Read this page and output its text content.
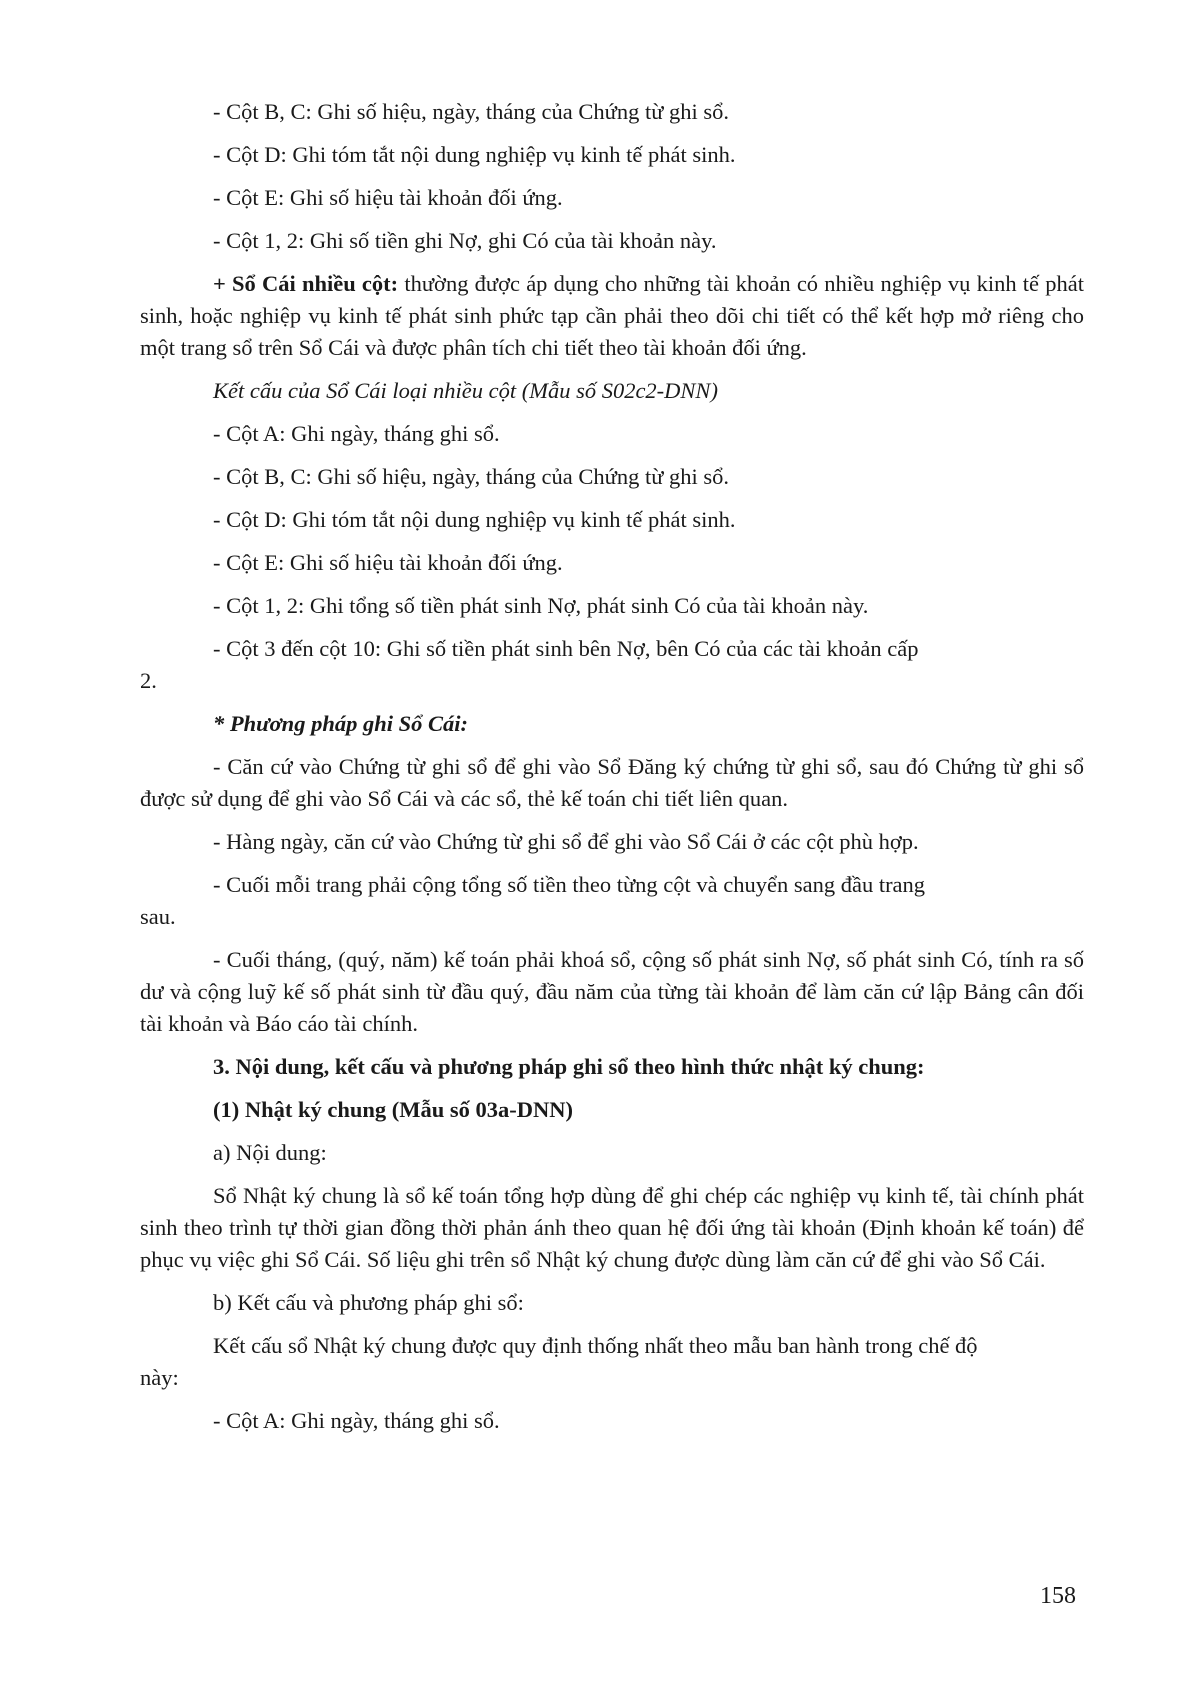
- Cột B, C: Ghi số hiệu, ngày, tháng của Chứng từ ghi sổ.

- Cột D: Ghi tóm tắt nội dung nghiệp vụ kinh tế phát sinh.

- Cột E: Ghi số hiệu tài khoản đối ứng.

- Cột 1, 2: Ghi số tiền ghi Nợ, ghi Có của tài khoản này.

+ Sổ Cái nhiều cột: thường được áp dụng cho những tài khoản có nhiều nghiệp vụ kinh tế phát sinh, hoặc nghiệp vụ kinh tế phát sinh phức tạp cần phải theo dõi chi tiết có thể kết hợp mở riêng cho một trang sổ trên Sổ Cái và được phân tích chi tiết theo tài khoản đối ứng.

Kết cấu của Sổ Cái loại nhiều cột (Mẫu số S02c2-DNN)

- Cột A: Ghi ngày, tháng ghi sổ.

- Cột B, C: Ghi số hiệu, ngày, tháng của Chứng từ ghi sổ.

- Cột D: Ghi tóm tắt nội dung nghiệp vụ kinh tế phát sinh.

- Cột E: Ghi số hiệu tài khoản đối ứng.

- Cột 1, 2: Ghi tổng số tiền phát sinh Nợ, phát sinh Có của tài khoản này.

- Cột 3 đến cột 10: Ghi số tiền phát sinh bên Nợ, bên Có của các tài khoản cấp

2.

* Phương pháp ghi Sổ Cái:

- Căn cứ vào Chứng từ ghi sổ để ghi vào Sổ Đăng ký chứng từ ghi sổ, sau đó Chứng từ ghi sổ được sử dụng để ghi vào Sổ Cái và các sổ, thẻ kế toán chi tiết liên quan.

- Hàng ngày, căn cứ vào Chứng từ ghi sổ để ghi vào Sổ Cái ở các cột phù hợp.

- Cuối mỗi trang phải cộng tổng số tiền theo từng cột và chuyển sang đầu trang

sau.

- Cuối tháng, (quý, năm) kế toán phải khoá sổ, cộng số phát sinh Nợ, số phát sinh Có, tính ra số dư và cộng luỹ kế số phát sinh từ đầu quý, đầu năm của từng tài khoản để làm căn cứ lập Bảng cân đối tài khoản và Báo cáo tài chính.

3. Nội dung, kết cấu và phương pháp ghi sổ theo hình thức nhật ký chung:

(1) Nhật ký chung (Mẫu số 03a-DNN)

a) Nội dung:

Sổ Nhật ký chung là sổ kế toán tổng hợp dùng để ghi chép các nghiệp vụ kinh tế, tài chính phát sinh theo trình tự thời gian đồng thời phản ánh theo quan hệ đối ứng tài khoản (Định khoản kế toán) để phục vụ việc ghi Sổ Cái. Số liệu ghi trên sổ Nhật ký chung được dùng làm căn cứ để ghi vào Sổ Cái.

b) Kết cấu và phương pháp ghi sổ:

Kết cấu sổ Nhật ký chung được quy định thống nhất theo mẫu ban hành trong chế độ

này:

- Cột A: Ghi ngày, tháng ghi sổ.

158
